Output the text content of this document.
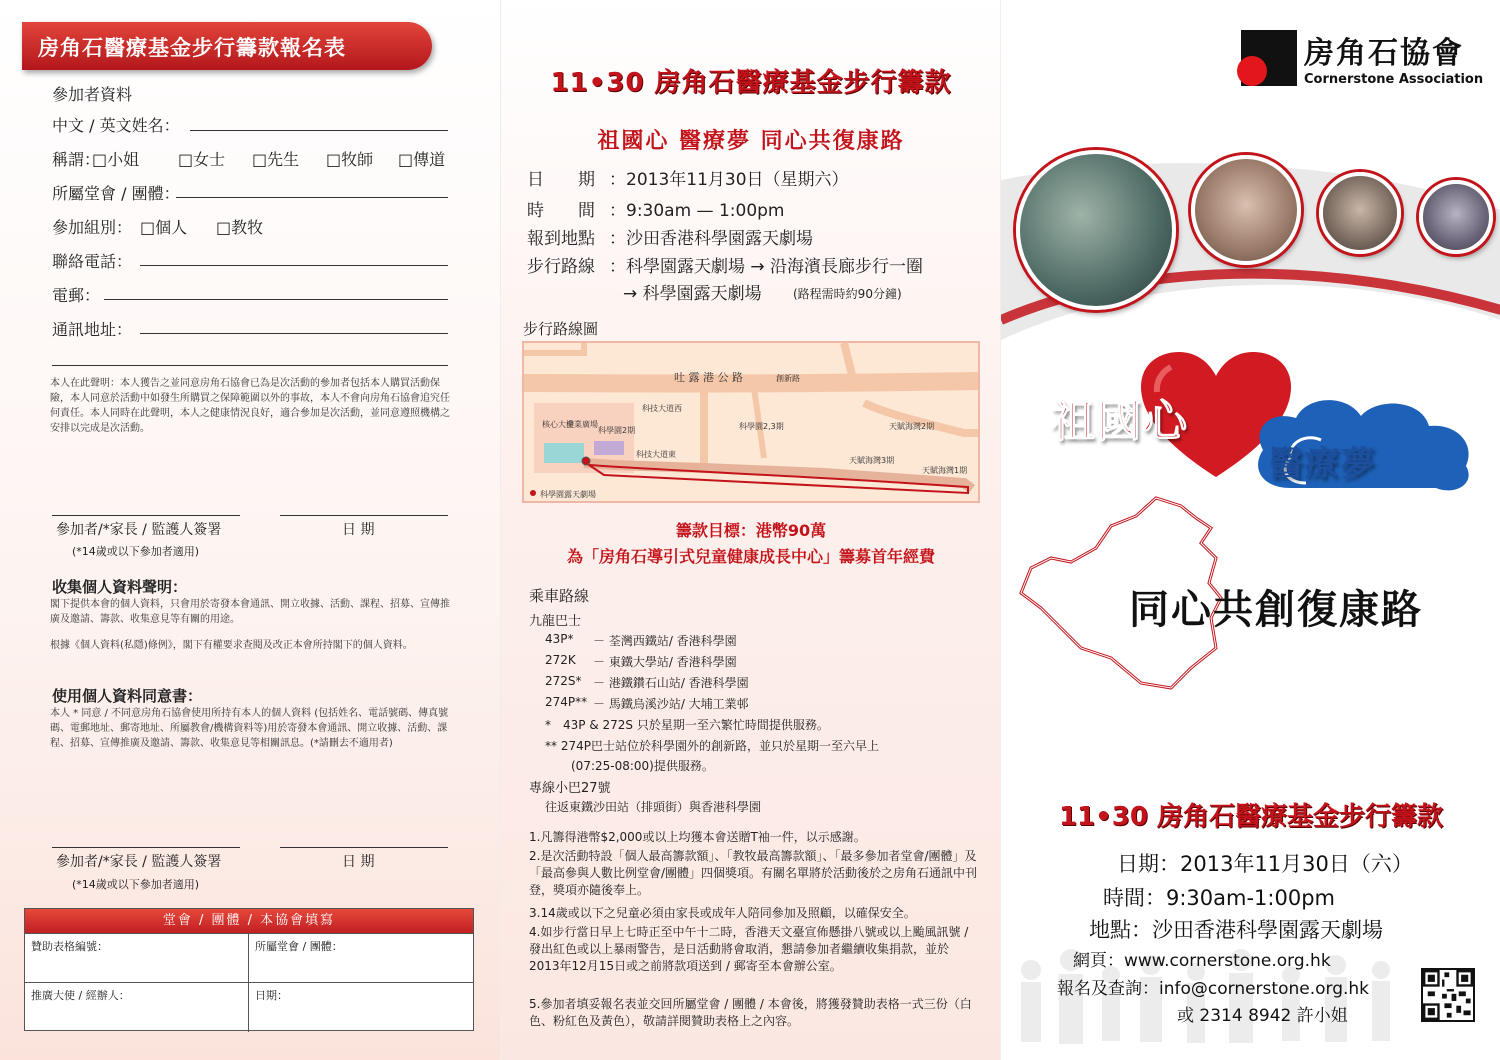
房角石醫療基金步行籌款報名表
參加者資料
中文 / 英文姓名：
稱謂：
□小姐 □女士 □先生 □牧師 □傳道
所屬堂會 / 團體：
參加組別： □個人 □教牧
聯絡電話：
電郵：
通訊地址：
本人在此聲明：本人獲告之並同意房角石協會已為是次活動的參加者包括本人購買活動保險，本人同意於活動中如發生所購買之保障範圍以外的事故，本人不會向房角石協會追究任何責任。本人同時在此聲明，本人之健康情況良好，適合參加是次活動，並同意遵照機構之安排以完成是次活動。
參加者/*家長 / 監護人簽署	日 期
(*14歲或以下參加者適用)
收集個人資料聲明：
閣下提供本會的個人資料，只會用於寄發本會通訊、開立收據、活動、課程、招募、宣傳推廣及邀請、籌款、收集意見等有關的用途。
根據《個人資料(私隱)條例》，閣下有權要求查閱及改正本會所持閣下的個人資料。
使用個人資料同意書：
本人 * 同意 / 不同意房角石協會使用所持有本人的個人資料 (包括姓名、電話號碼、傳真號碼、電郵地址、郵寄地址、所屬教會/機構資料等)用於寄發本會通訊、開立收據、活動、課程、招募、宣傳推廣及邀請、籌款、收集意見等相關訊息。(*請刪去不適用者)
參加者/*家長 / 監護人簽署	日 期
(*14歲或以下參加者適用)
堂會 / 團體 / 本協會填寫
贊助表格編號：	所屬堂會 / 團體：
推廣大使 / 經辦人：	日期：
11•30 房角石醫療基金步行籌款
祖國心 醫療夢 同心共復康路
日　　期 ：2013年11月30日（星期六）
時　　間 ：9:30am — 1:00pm
報到地點 ：沙田香港科學園露天劇場
步行路線 ：科學園露天劇場 → 沿海濱長廊步行一圈
→ 科學園露天劇場	(路程需時約90分鐘)
步行路線圖
吐 露 港 公 路	創新路
科技大道西
科學園2,3期	天賦海灣2期
核心大樓
企業廣場
科學園2期
科技大道東
天賦海灣3期
天賦海灣1期
科學園露天劇場
籌款目標：港幣90萬
為「房角石導引式兒童健康成長中心」籌募首年經費
乘車路線
九龍巴士
43P* － 荃灣西鐵站/ 香港科學園
272K － 東鐵大學站/ 香港科學園
272S* － 港鐵鑽石山站/ 香港科學園
274P** － 馬鐵烏溪沙站/ 大埔工業邨
*　43P & 272S 只於星期一至六繁忙時間提供服務。
** 274P巴士站位於科學園外的創新路，並只於星期一至六早上
(07:25-08:00)提供服務。
專線小巴27號
往返東鐵沙田站（排頭街）與香港科學園
1.凡籌得港幣$2,000或以上均獲本會送贈T袖一件，以示感謝。
2.是次活動特設「個人最高籌款額」、「教牧最高籌款額」、「最多參加者堂會/團體」及「最高參與人數比例堂會/團體」四個獎項。有關名單將於活動後於之房角石通訊中刊登，獎項亦隨後奉上。
3.14歲或以下之兒童必須由家長或成年人陪同參加及照顧，以確保安全。
4.如步行當日早上七時正至中午十二時，香港天文臺宣佈懸掛八號或以上颱風訊號 / 發出紅色或以上暴雨警告，是日活動將會取消，懇請參加者繼續收集捐款，並於2013年12月15日或之前將款項送到 / 郵寄至本會辦公室。
5.參加者填妥報名表並交回所屬堂會 / 團體 / 本會後，將獲發贊助表格一式三份（白色、粉紅色及黃色），敬請詳閱贊助表格上之內容。
房角石協會
Cornerstone Association
祖國心
醫療夢
同心共創復康路
11•30 房角石醫療基金步行籌款
日期：2013年11月30日（六）
時間：9:30am-1:00pm
地點：沙田香港科學園露天劇場
網頁：www.cornerstone.org.hk
報名及查詢：info@cornerstone.org.hk
或 2314 8942 許小姐
